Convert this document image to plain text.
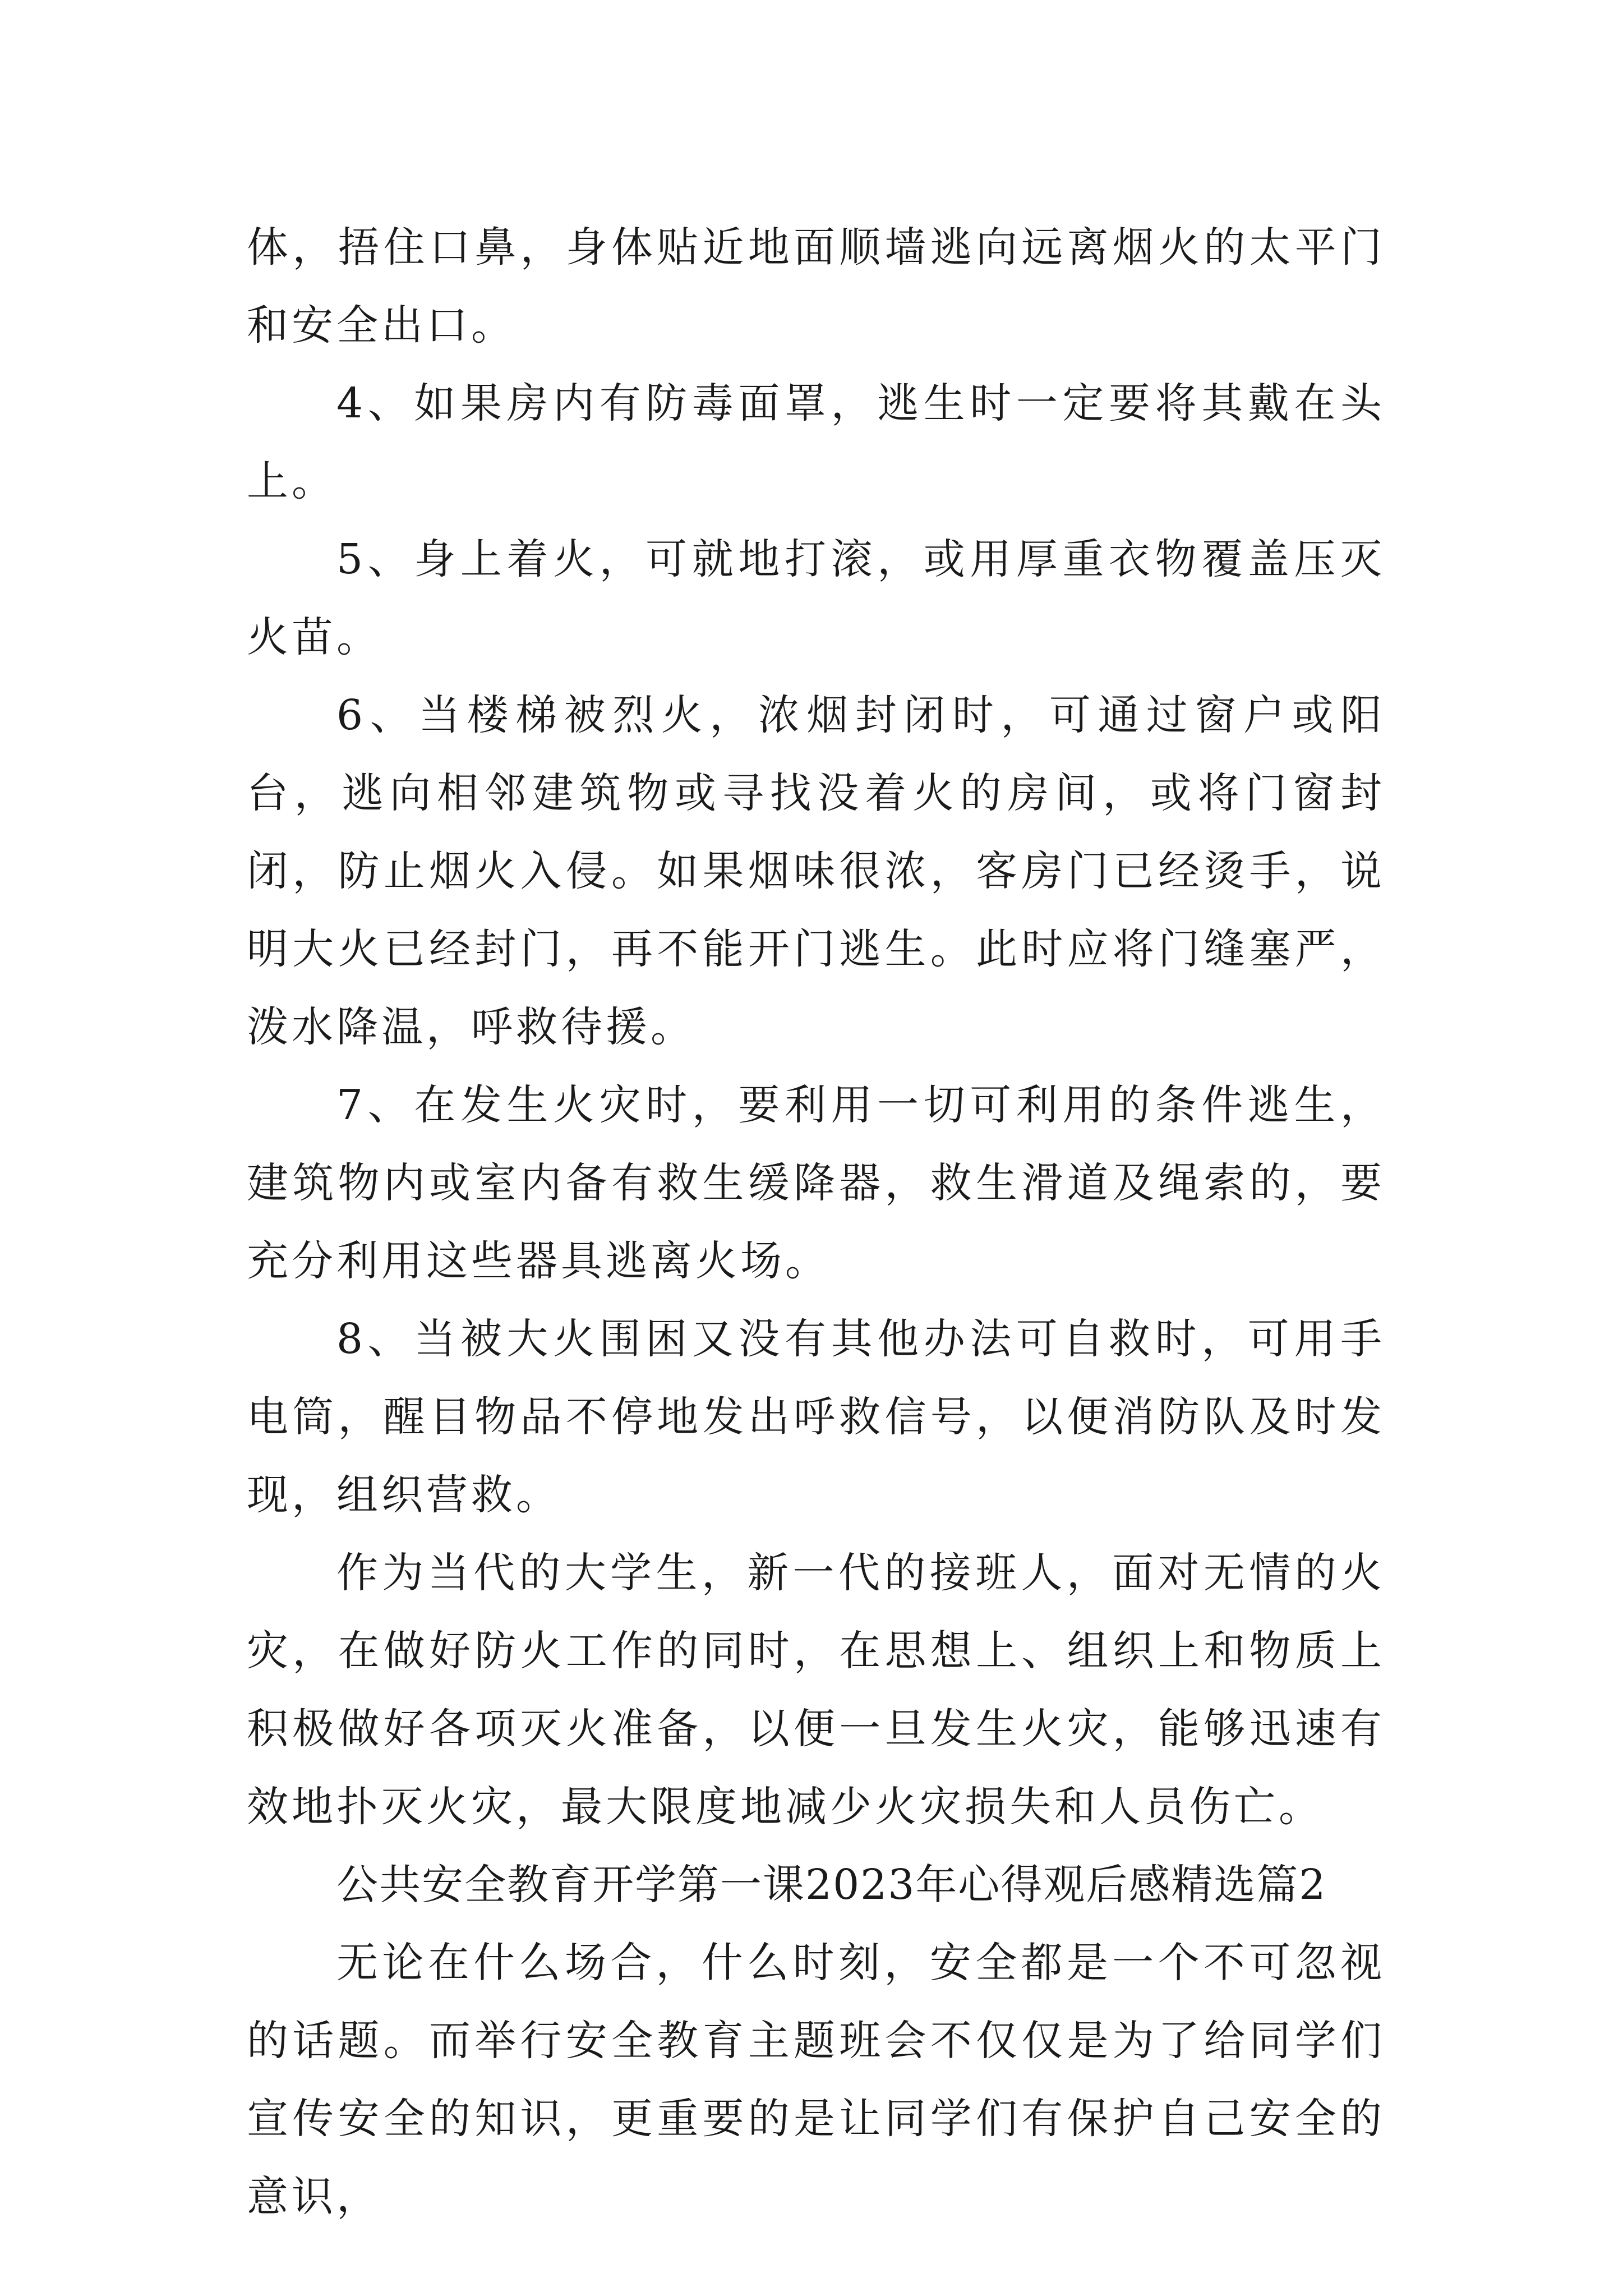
体，捂住口鼻，身体贴近地面顺墙逃向远离烟火的太平门和安全出口。

4、如果房内有防毒面罩，逃生时一定要将其戴在头上。

5、身上着火，可就地打滚，或用厚重衣物覆盖压灭火苗。

6、当楼梯被烈火，浓烟封闭时，可通过窗户或阳台，逃向相邻建筑物或寻找没着火的房间，或将门窗封闭，防止烟火入侵。如果烟味很浓，客房门已经烫手，说明大火已经封门，再不能开门逃生。此时应将门缝塞严，泼水降温，呼救待援。

7、在发生火灾时，要利用一切可利用的条件逃生，建筑物内或室内备有救生缓降器，救生滑道及绳索的，要充分利用这些器具逃离火场。

8、当被大火围困又没有其他办法可自救时，可用手电筒，醒目物品不停地发出呼救信号，以便消防队及时发现，组织营救。

作为当代的大学生，新一代的接班人，面对无情的火灾，在做好防火工作的同时，在思想上、组织上和物质上积极做好各项灭火准备，以便一旦发生火灾，能够迅速有效地扑灭火灾，最大限度地减少火灾损失和人员伤亡。

公共安全教育开学第一课2023年心得观后感精选篇2

无论在什么场合，什么时刻，安全都是一个不可忽视的话题。而举行安全教育主题班会不仅仅是为了给同学们宣传安全的知识，更重要的是让同学们有保护自己安全的意识，
